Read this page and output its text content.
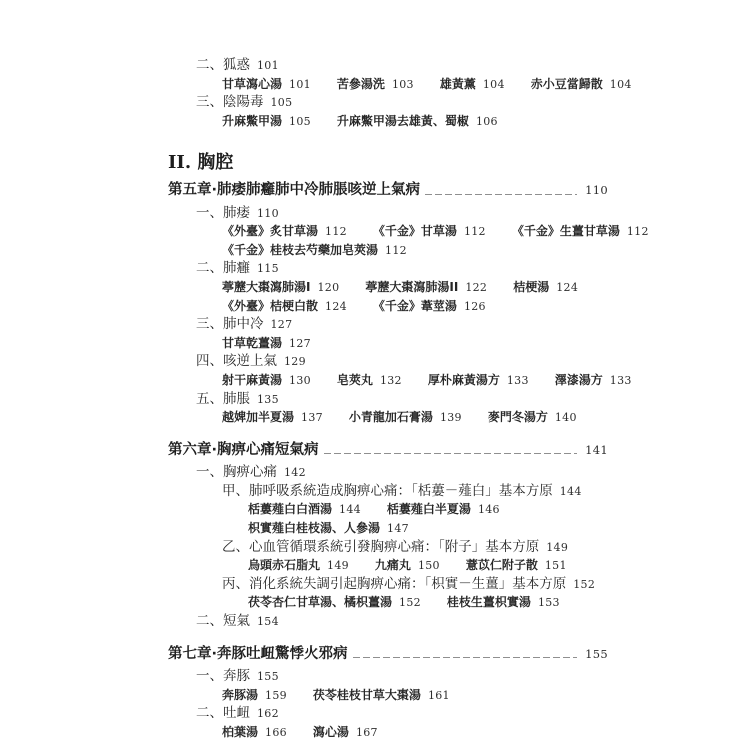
二、 狐惑 101
甘草瀉心湯 101 苦參湯洗 103 雄黃薰 104 赤小豆當歸散 104
三、 陰陽毒 105
升麻鱉甲湯 105 升麻鱉甲湯去雄黃、蜀椒 106
II. 胸腔
第五章·肺痿肺癰肺中冷肺脹咳逆上氣病	110
一、 肺痿 110
《外臺》炙甘草湯 112 《千金》甘草湯 112 《千金》生薑甘草湯 112
《千金》桂枝去芍藥加皂莢湯 112
二、 肺癰 115
葶藶大棗瀉肺湯I 120 葶藶大棗瀉肺湯II 122 桔梗湯 124
《外臺》桔梗白散 124 《千金》葦莖湯 126
三、 肺中冷 127
甘草乾薑湯 127
四、 咳逆上氣 129
射干麻黃湯 130 皂莢丸 132 厚朴麻黃湯方 133 澤漆湯方 133
五、 肺脹 135
越婢加半夏湯 137 小青龍加石膏湯 139 麥門冬湯方 140
第六章·胸痹心痛短氣病	141
一、 胸痹心痛 142
甲、 肺呼吸系統造成胸痹心痛：「栝蔞－薤白」基本方原 144
栝蔞薤白白酒湯 144 栝蔞薤白半夏湯 146
枳實薤白桂枝湯、人參湯 147
乙、 心血管循環系統引發胸痹心痛：「附子」基本方原 149
烏頭赤石脂丸 149 九痛丸 150 薏苡仁附子散 151
丙、 消化系統失調引起胸痹心痛：「枳實－生薑」基本方原 152
茯苓杏仁甘草湯、橘枳薑湯 152 桂枝生薑枳實湯 153
二、 短氣 154
第七章·奔豚吐衄驚悸火邪病	155
一、 奔豚 155
奔豚湯 159 茯苓桂枝甘草大棗湯 161
二、 吐衄 162
柏葉湯 166 瀉心湯 167
